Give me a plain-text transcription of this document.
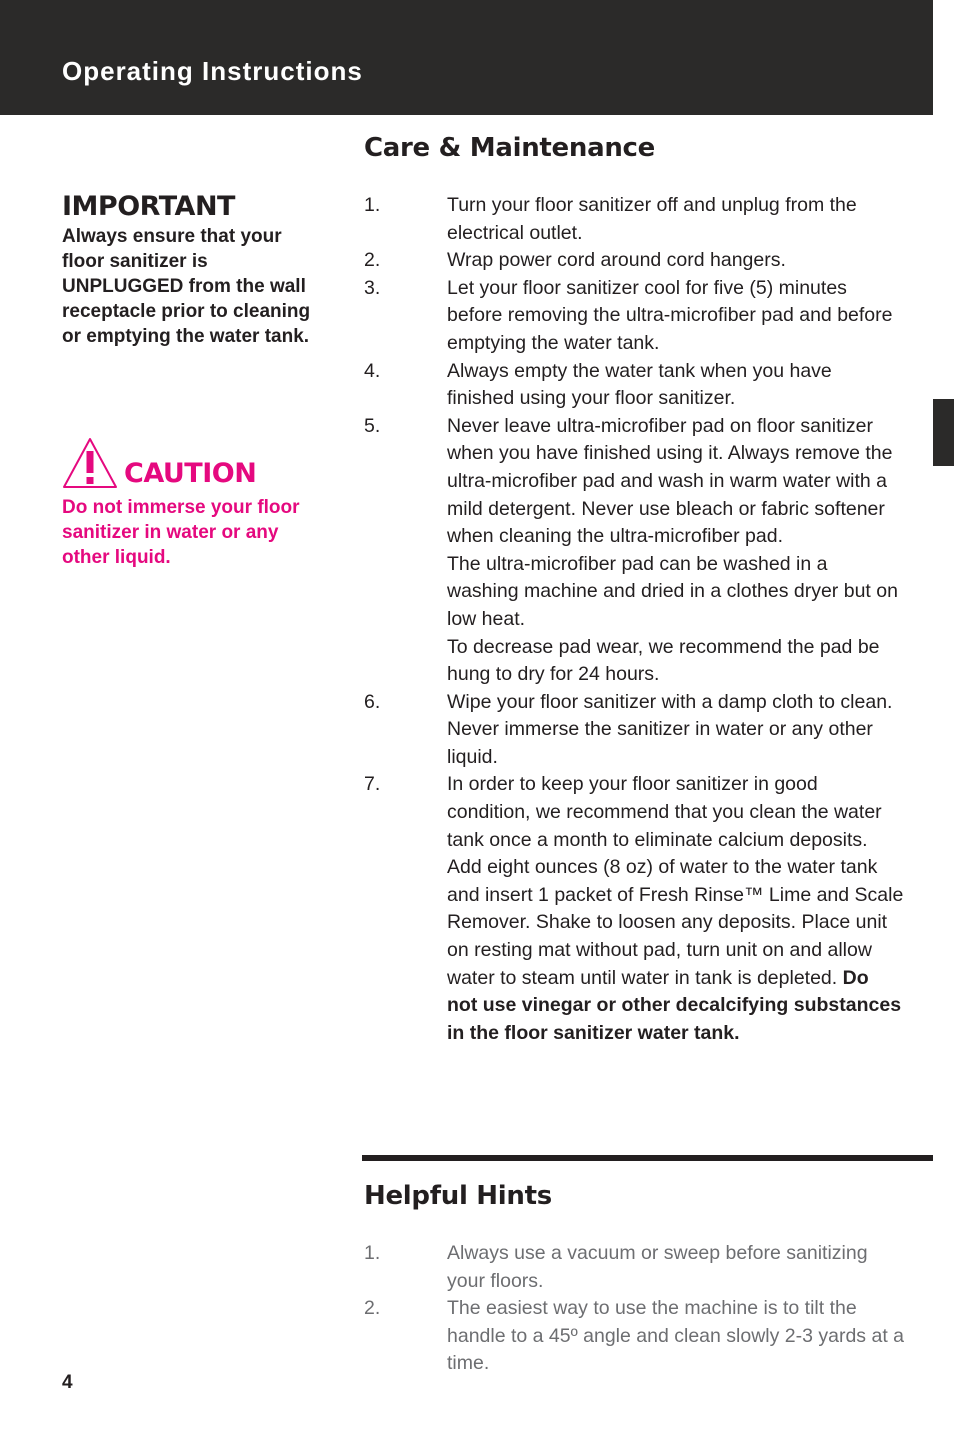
Operating Instructions
IMPORTANT

Always ensure that your floor sanitizer is UNPLUGGED from the wall receptacle prior to cleaning or emptying the water tank.

CAUTION

Do not immerse your floor sanitizer in water or any other liquid.

Care & Maintenance
1.	Turn your floor sanitizer off and unplug from the electrical outlet.
2.	Wrap power cord around cord hangers.
3.	Let your floor sanitizer cool for five (5) minutes before removing the ultra-microfiber pad and before emptying the water tank.
4.	Always empty the water tank when you have finished using your floor sanitizer.
5.	Never leave ultra-microfiber pad on floor sanitizer when you have finished using it. Always remove the ultra-microfiber pad and wash in warm water with a mild detergent. Never use bleach or fabric softener when cleaning the ultra-microfiber pad.
The ultra-microfiber pad can be washed in a washing machine and dried in a clothes dryer but on low heat.
To decrease pad wear, we recommend the pad be hung to dry for 24 hours.
6.	Wipe your floor sanitizer with a damp cloth to clean. Never immerse the sanitizer in water or any other liquid.
7.	In order to keep your floor sanitizer in good condition, we recommend that you clean the water tank once a month to eliminate calcium deposits. Add eight ounces (8 oz) of water to the water tank and insert 1 packet of Fresh Rinse™ Lime and Scale Remover. Shake to loosen any deposits. Place unit on resting mat without pad, turn unit on and allow water to steam until water in tank is depleted. Do not use vinegar or other decalcifying substances in the floor sanitizer water tank.
Helpful Hints
1.	Always use a vacuum or sweep before sanitizing your floors.
2.	The easiest way to use the machine is to tilt the handle to a 45º angle and clean slowly 2-3 yards at a time.

4
